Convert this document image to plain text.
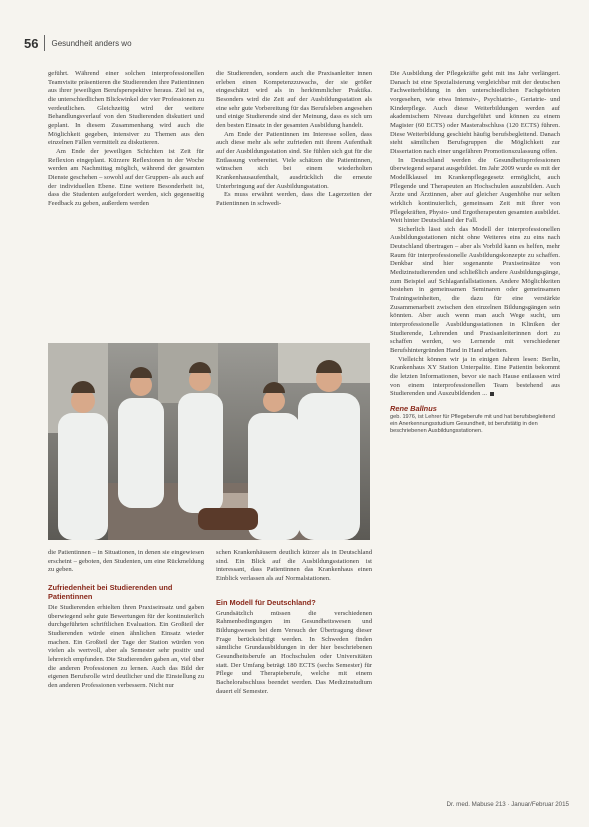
56 Gesundheit anders wo

geführt. Während einer solchen interprofessionellen Teamvisite präsentieren die Studierenden ihre Patientinnen aus ihrer jeweiligen Berufsperspektive heraus. Ziel ist es, die unterschiedlichen Blickwinkel der vier Professionen zu verdeutlichen. Gleichzeitig wird der weitere Behandlungsverlauf von den Studierenden diskutiert und geplant. In diesem Zusammenhang wird auch die Möglichkeit gegeben, intensiver zu Themen aus den einzelnen Fällen vermittelt zu diskutieren.

Am Ende der jeweiligen Schichten ist Zeit für Reflexion eingeplant. Kürzere Reflexionen in der Woche werden am Nachmittag möglich, während der gesamten Dienste geschehen – sowohl auf der Gruppen- als auch auf der individuellen Ebene. Eine weitere Besonderheit ist, dass die Studenten aufgefordert werden, sich gegenseitig Feedback zu geben, außerdem werden

die Studierenden, sondern auch die Praxisanleiter innen erleben einen Kompetenzzuwachs, der sie größer eingeschätzt wird als in herkömmlicher Praktika. Besonders wird die Zeit auf der Ausbildungsstation als eine sehr gute Vorbereitung für das Berufsleben angesehen und einige Studierende sind der Meinung, dass es sich um den besten Einsatz in der gesamten Ausbildung handelt.

Am Ende der Patientinnen im Interesse sollen, dass auch diese mehr als sehr zufrieden mit ihrem Aufenthalt auf der Ausbildungsstation sind. Sie fühlen sich gut für die Entlassung vorbereitet. Viele schätzen die Patientinnen, wünschen sich bei einem wiederholten Krankenhausaufenthalt, ausdrücklich die erneute Unterbringung auf der Ausbildungsstation.

Es muss erwähnt werden, dass die Lagerzeiten der Patientinnen in schwedi-

die Patientinnen – in Situationen, in denen sie eingewiesen erscheint – geboten, den Studenten, um eine Rückmeldung zu geben.

Zufriedenheit bei Studierenden und Patientinnen

Die Studierenden erhielten ihren Praxiseinsatz und gaben überwiegend sehr gute Bewertungen für der kontinuierlich durchgeführten schriftlichen Evaluation. Ein Großteil der Studierenden würde einen ähnlichen Einsatz wieder machen. Ein Großteil der Tage der Station würden von vielen als wertvoll, aber als Semester sehr positiv und lehrreich empfunden. Die Studierenden gaben an, viel über die anderen Professionen zu lernen. Auch das Bild der eigenen Berufsrolle wird deutlicher und die Einstellung zu den anderen Professionen verbessern. Nicht nur

schen Krankenhäusern deutlich kürzer als in Deutschland sind. Ein Blick auf die Ausbildungsstationen ist interessant, dass Patientinnen das Krankenhaus einen Einblick verlassen als auf Normalstationen.

Ein Modell für Deutschland?

Grundsätzlich müssen die verschiedenen Rahmenbedingungen im Gesundheitswesen und Bildungswesen bei dem Versuch der Übertragung dieser Frage berücksichtigt werden. In Schweden finden sämtliche Grundausbildungen in der hier beschriebenen Gesundheitsberufe an Hochschulen oder Universitäten statt. Der Umfang beträgt 180 ECTS (sechs Semester) für Pflege und Therapieberufe, welche mit einem Bachelorabschluss beendet werden. Das Medizinstudium dauert elf Semester.

Die Ausbildung der Pflegekräfte geht mit ins Jahr verlängert. Danach ist eine Spezialisierung vergleichbar mit der deutschen Fachweiterbildung in den unterschiedlichen Fachgebieten vorgesehen, wie etwa Intensiv-, Psychiatrie-, Geriatrie- und Kinderpflege. Auch diese Weiterbildungen werden auf akademischem Niveau durchgeführt und können zu einem Magister (60 ECTS) oder Masterabschluss (120 ECTS) führen. Diese Weiterbildung geschieht häufig berufsbegleitend. Danach steht sämtlichen Berufsgruppen die Möglichkeit zur Dissertation nach einer ungefähren Promotionszulassung offen.

In Deutschland werden die Gesundheitsprofessionen überwiegend separat ausgebildet. Im Jahr 2009 wurde es mit der Modellklausel im Krankenpflegegesetz ermöglicht, auch Pflegende und Therapeuten an Hochschulen auszubilden. Auch Ärzte und Ärztinnen, aber auf gleicher Augenhöhe nur selten wirklich kontinuierlich, gemeinsam Zeit mit ihrer von Pflegekräften, Physio- und Ergotherapeuten gesamten ausbildet. Weit hinter Deutschland der Fall.

Sicherlich lässt sich das Modell der interprofessionellen Ausbildungsstationen nicht ohne Weiteres eins zu eins nach Deutschland übertragen – aber als Vorbild kann es helfen, mehr Raum für interprofessionelle Ausbildungskonzepte zu schaffen. Denkbar sind hier sogenannte Praxiseinsätze von Medizinstudierenden und schließlich andere Ausbildungsgänge, zum Beispiel auf Schlaganfallstationen. Andere Möglichkeiten bestehen in gemeinsamen Seminaren oder gemeinsamen Trainingseinheiten, die dazu für eine verstärkte Zusammenarbeit zwischen den einzelnen Bildungsgängen sein könnten. Aber auch wenn man auch Wege sucht, um interprofessionelle Ausbildungsstationen in Kliniken der Studierende, Lehrenden und Praxisanleiterinnen dort zu schaffen werden, wo Lernende mit verschiedener Berufshintergründen Hand in Hand arbeiten.

Vielleicht können wir ja in einigen Jahren lesen: Berlin, Krankenhaus XY Station Unterpalite. Eine Patientin bekommt die letzten Informationen, bevor sie nach Hause entlassen wird von einem interprofessionellen Team bestehend aus Studierenden und Auszubildenden ...

Rene Ballnus
geb. 1976, ist Lehrer für Pflegeberufe mit und hat berufsbegleitend ein Anerkennungsstudium Gesundheit, ist berufstätig in den beschriebenen Ausbildungsstationen.
Dr. med. Mabuse 213 · Januar/Februar 2015
